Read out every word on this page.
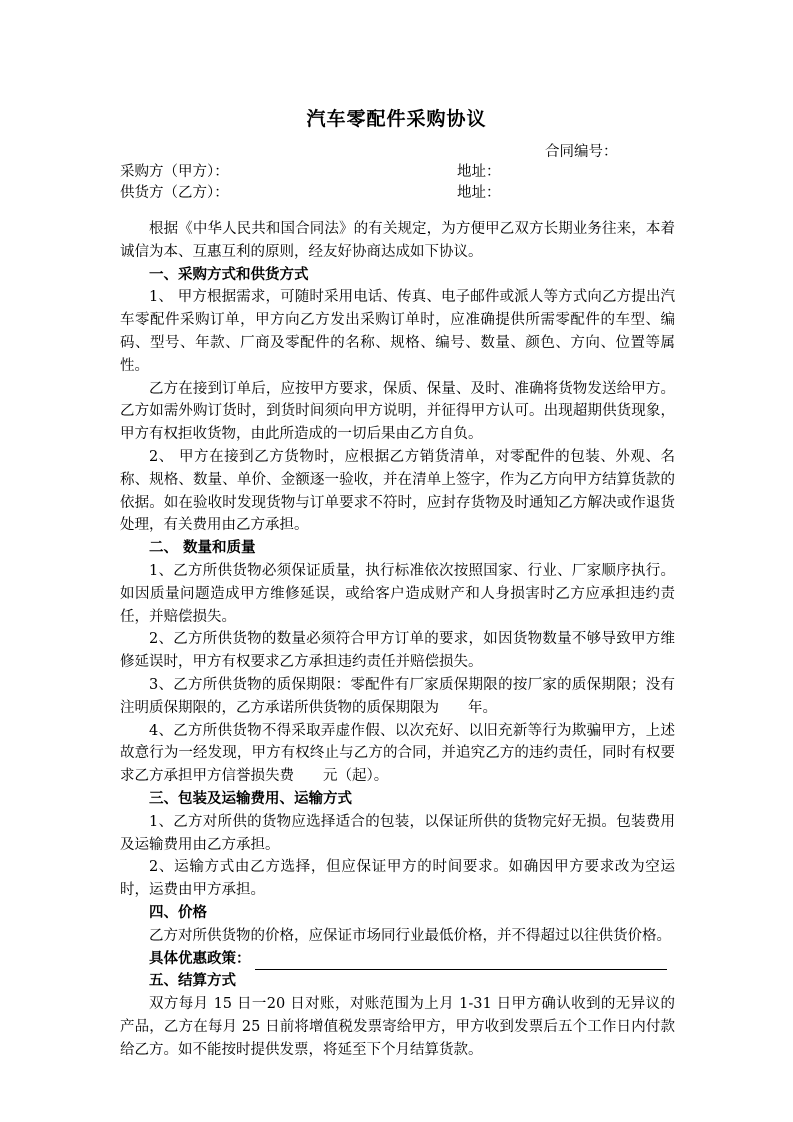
汽车零配件采购协议
合同编号：
采购方（甲方）：	地址：
供货方（乙方）：	地址：

根据《中华人民共和国合同法》的有关规定，为方便甲乙双方长期业务往来，本着诚信为本、互惠互利的原则，经友好协商达成如下协议。

一、采购方式和供货方式

1、 甲方根据需求，可随时采用电话、传真、电子邮件或派人等方式向乙方提出汽车零配件采购订单，甲方向乙方发出采购订单时，应准确提供所需零配件的车型、编码、型号、年款、厂商及零配件的名称、规格、编号、数量、颜色、方向、位置等属性。

乙方在接到订单后，应按甲方要求，保质、保量、及时、准确将货物发送给甲方。乙方如需外购订货时，到货时间须向甲方说明，并征得甲方认可。出现超期供货现象，甲方有权拒收货物，由此所造成的一切后果由乙方自负。

2、 甲方在接到乙方货物时，应根据乙方销货清单，对零配件的包装、外观、名称、规格、数量、单价、金额逐一验收，并在清单上签字，作为乙方向甲方结算货款的依据。如在验收时发现货物与订单要求不符时，应封存货物及时通知乙方解决或作退货处理，有关费用由乙方承担。

二、 数量和质量

1、乙方所供货物必须保证质量，执行标准依次按照国家、行业、厂家顺序执行。如因质量问题造成甲方维修延误，或给客户造成财产和人身损害时乙方应承担违约责任，并赔偿损失。

2、乙方所供货物的数量必须符合甲方订单的要求，如因货物数量不够导致甲方维修延误时，甲方有权要求乙方承担违约责任并赔偿损失。

3、乙方所供货物的质保期限：零配件有厂家质保期限的按厂家的质保期限；没有注明质保期限的，乙方承诺所供货物的质保期限为　　年。

4、乙方所供货物不得采取弄虚作假、以次充好、以旧充新等行为欺骗甲方，上述故意行为一经发现，甲方有权终止与乙方的合同，并追究乙方的违约责任，同时有权要求乙方承担甲方信誉损失费　　元（起）。

三、包装及运输费用、运输方式

1、乙方对所供的货物应选择适合的包装，以保证所供的货物完好无损。包装费用及运输费用由乙方承担。

2、运输方式由乙方选择，但应保证甲方的时间要求。如确因甲方要求改为空运时，运费由甲方承担。

四、价格

乙方对所供货物的价格，应保证市场同行业最低价格，并不得超过以往供货价格。

具体优惠政策：
五、结算方式

双方每月 15 日一20 日对账，对账范围为上月 1-31 日甲方确认收到的无异议的产品，乙方在每月 25 日前将增值税发票寄给甲方，甲方收到发票后五个工作日内付款给乙方。如不能按时提供发票，将延至下个月结算货款。
